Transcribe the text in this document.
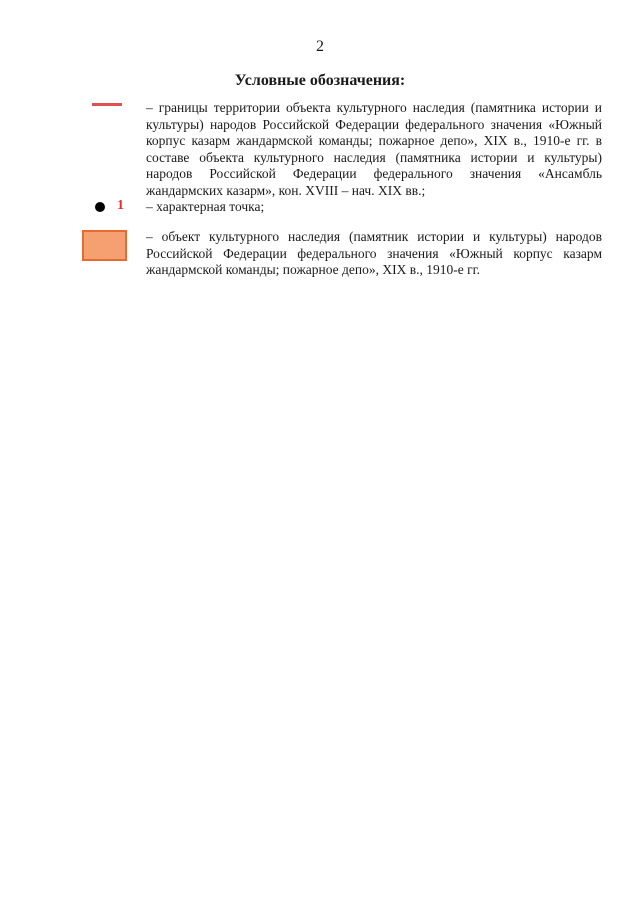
2
Условные обозначения:

– границы территории объекта культурного наследия (памятника истории и культуры) народов Российской Федерации федерального значения «Южный корпус казарм жандармской команды; пожарное депо», XIX в., 1910-е гг. в составе объекта культурного наследия (памятника истории и культуры) народов Российской Федерации федерального значения «Ансамбль жандармских казарм», кон. XVIII – нач. XIX вв.;

1 – характерная точка;

– объект культурного наследия (памятник истории и культуры) народов Российской Федерации федерального значения «Южный корпус казарм жандармской команды; пожарное депо», XIX в., 1910-е гг.
